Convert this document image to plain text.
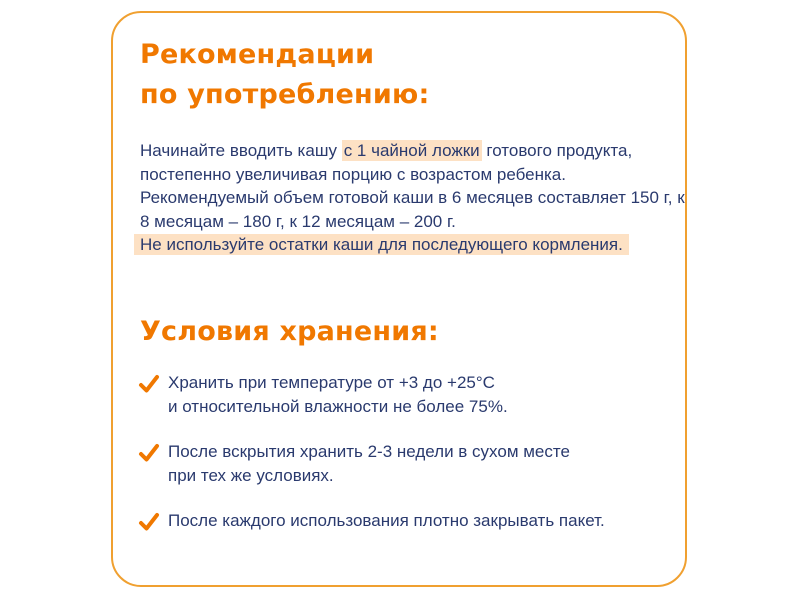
Рекомендации
по употреблению:

Начинайте вводить кашу с 1 чайной ложки готового продукта, постепенно увеличивая порцию с возрастом ребенка. Рекомендуемый объем готовой каши в 6 месяцев составляет 150 г, к 8 месяцам – 180 г, к 12 месяцам – 200 г.
Не используйте остатки каши для последующего кормления.

Условия хранения:

Хранить при температуре от +3 до +25°C
и относительной влажности не более 75%.

После вскрытия хранить 2-3 недели в сухом месте
при тех же условиях.

После каждого использования плотно закрывать пакет.
